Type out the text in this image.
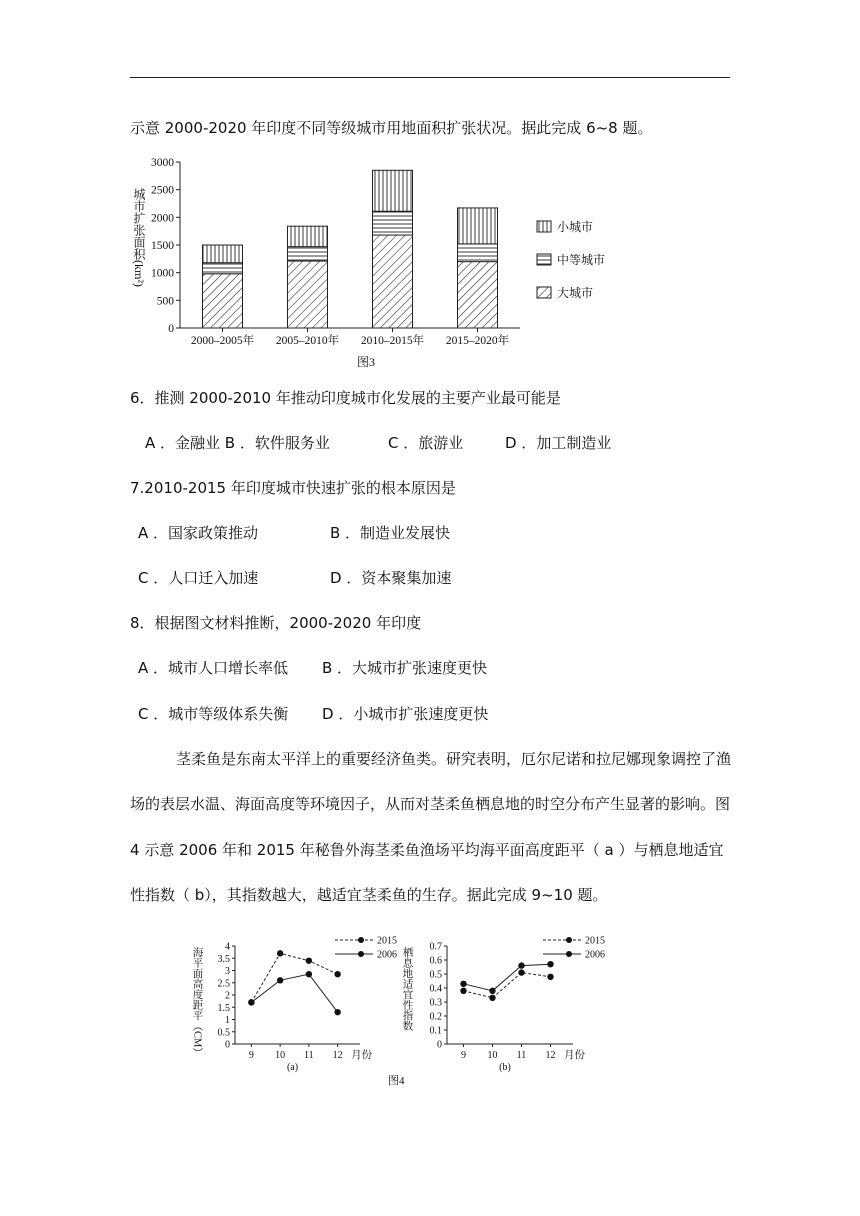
示意 2000-2020 年印度不同等级城市用地面积扩张状况。据此完成 6~8 题。
0
500
1000
1500
2000
2500
3000
2000–2005年 2005–2010年 2010–2015年 2015–2020年
小城市
中等城市
大城市
城市扩张面积(km²)
图3
6．推测 2000-2010 年推动印度城市化发展的主要产业最可能是
A ．金融业 B ．软件服务业	C ．旅游业	D ．加工制造业
7.2010-2015 年印度城市快速扩张的根本原因是
A ．国家政策推动	B ．制造业发展快
C ．人口迁入加速	D ．资本聚集加速
8．根据图文材料推断，2000-2020 年印度
A ．城市人口增长率低 B ．大城市扩张速度更快
C ．城市等级体系失衡 D ．小城市扩张速度更快
茎柔鱼是东南太平洋上的重要经济鱼类。研究表明，厄尔尼诺和拉尼娜现象调控了渔
场的表层水温、海面高度等环境因子，从而对茎柔鱼栖息地的时空分布产生显著的影响。图
4 示意 2006 年和 2015 年秘鲁外海茎柔鱼渔场平均海平面高度距平（ a ）与栖息地适宜
性指数（ b），其指数越大，越适宜茎柔鱼的生存。据此完成 9~10 题。
0
0.5
1
1.5
2
2.5
3
3.5
4
9 10 11 12 月份
(a)
海平面高度距平（CM）
2015
2006
0
0.1
0.2
0.3
0.4
0.5
0.6
0.7
9 10 11 12 月份
(b)
栖息地适宜性指数
2015
2006
图4
